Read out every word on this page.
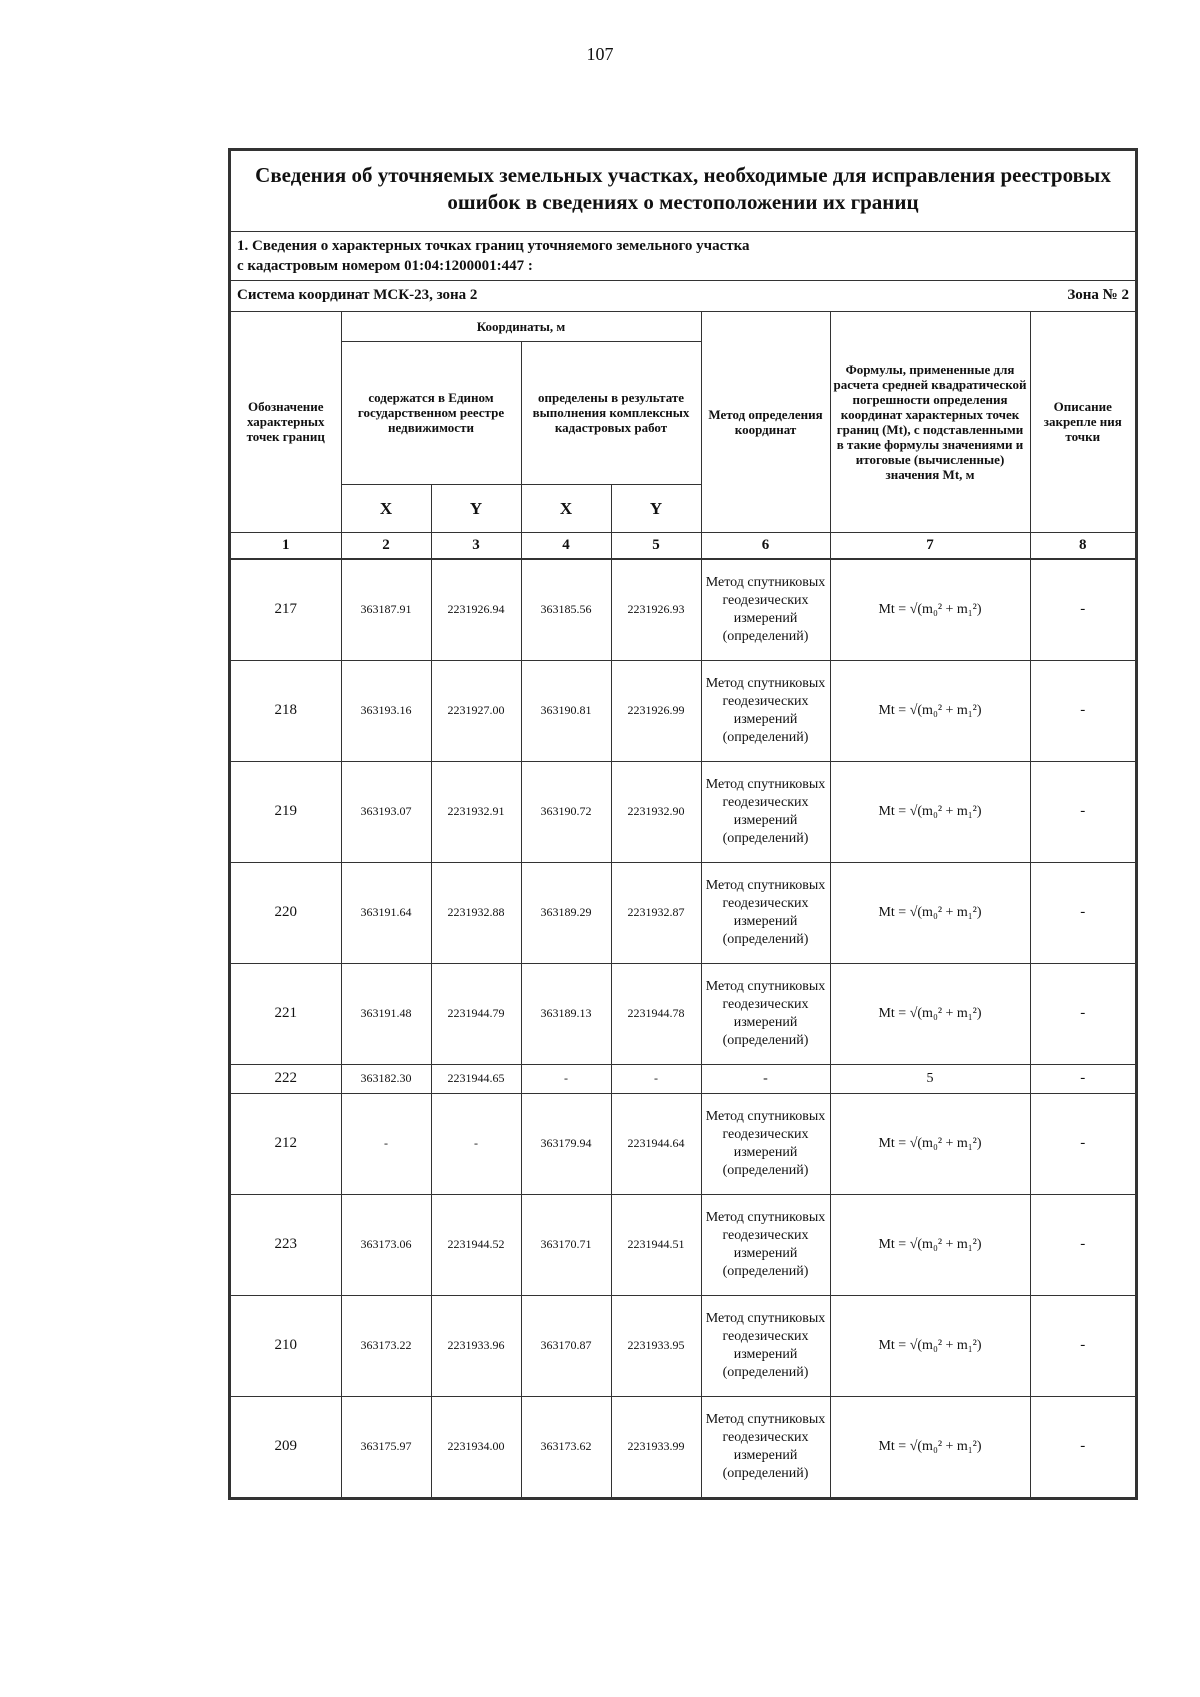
107
Сведения об уточняемых земельных участках, необходимые для исправления реестровых ошибок в сведениях о местоположении их границ
1. Сведения о характерных точках границ уточняемого земельного участка
с кадастровым номером 01:04:1200001:447 :
Система координат МСК-23, зона 2	Зона № 2
Обозначение характерных точек границ	Координаты, м				Метод определения координат	Формулы, примененные для расчета средней квадратической погрешности определения координат характерных точек границ (Mt), с подставленными в такие формулы значениями и итоговые (вычисленные) значения Mt, м	Описание закрепле ния точки
	содержатся в Едином государственном реестре недвижимости		определены в результате выполнения комплексных кадастровых работ				
	X	Y	X	Y			
1	2	3	4	5	6	7	8
217	363187.91	2231926.94	363185.56	2231926.93	Метод спутниковых геодезических измерений (определений)	Mt = √(m₀² + m₁²)	-
218	363193.16	2231927.00	363190.81	2231926.99	Метод спутниковых геодезических измерений (определений)	Mt = √(m₀² + m₁²)	-
219	363193.07	2231932.91	363190.72	2231932.90	Метод спутниковых геодезических измерений (определений)	Mt = √(m₀² + m₁²)	-
220	363191.64	2231932.88	363189.29	2231932.87	Метод спутниковых геодезических измерений (определений)	Mt = √(m₀² + m₁²)	-
221	363191.48	2231944.79	363189.13	2231944.78	Метод спутниковых геодезических измерений (определений)	Mt = √(m₀² + m₁²)	-
222	363182.30	2231944.65	-	-	-	5	-
212	-	-	363179.94	2231944.64	Метод спутниковых геодезических измерений (определений)	Mt = √(m₀² + m₁²)	-
223	363173.06	2231944.52	363170.71	2231944.51	Метод спутниковых геодезических измерений (определений)	Mt = √(m₀² + m₁²)	-
210	363173.22	2231933.96	363170.87	2231933.95	Метод спутниковых геодезических измерений (определений)	Mt = √(m₀² + m₁²)	-
209	363175.97	2231934.00	363173.62	2231933.99	Метод спутниковых геодезических измерений (определений)	Mt = √(m₀² + m₁²)	-
